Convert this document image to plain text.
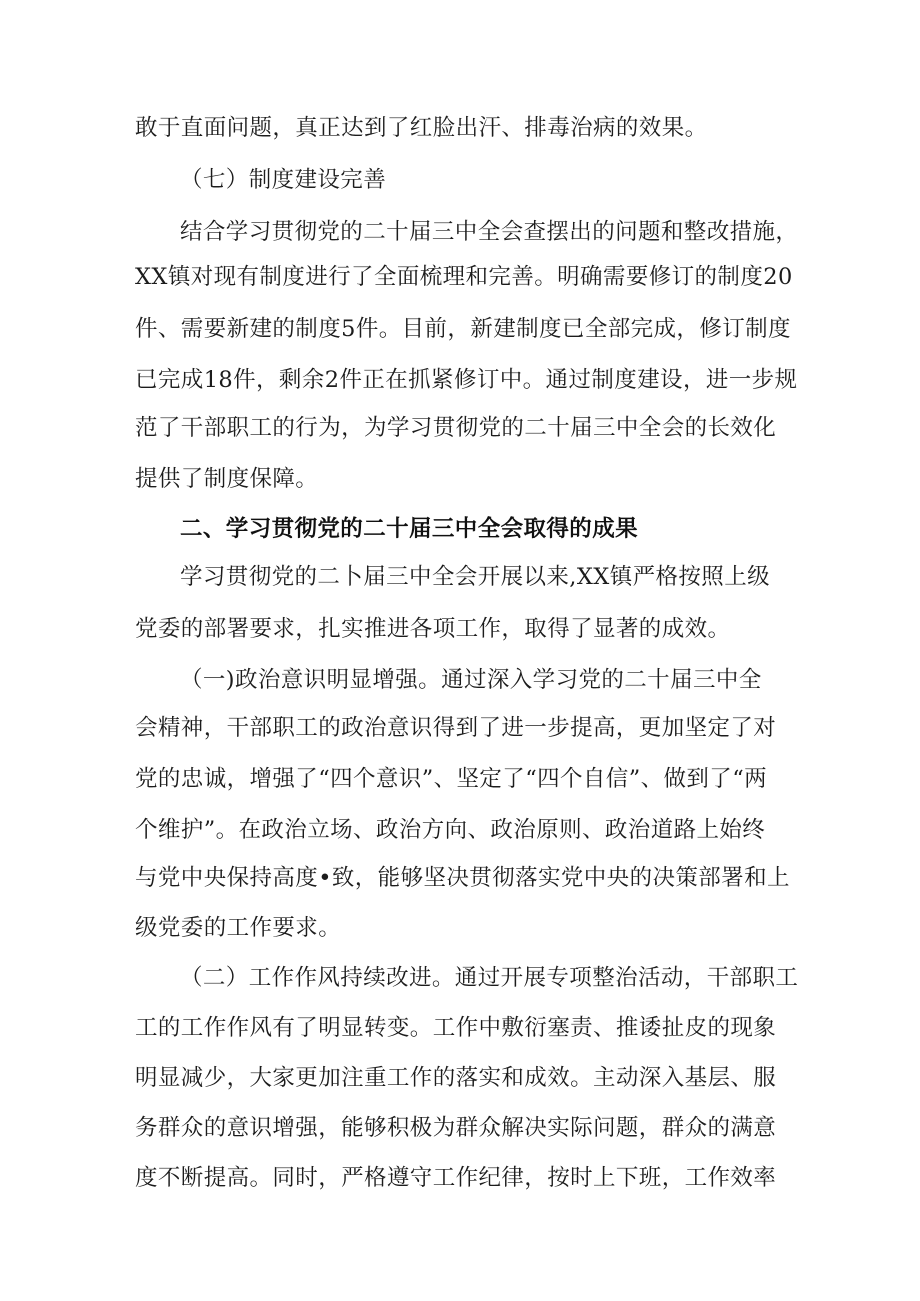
敢于直面问题，真正达到了红脸出汗、排毒治病的效果。
（七）制度建设完善
结合学习贯彻党的二十届三中全会查摆出的问题和整改措施，
XX镇对现有制度进行了全面梳理和完善。明确需要修订的制度20
件、需要新建的制度5件。目前，新建制度已全部完成，修订制度
已完成18件，剩余2件正在抓紧修订中。通过制度建设，进一步规
范了干部职工的行为，为学习贯彻党的二十届三中全会的长效化
提供了制度保障。
二、学习贯彻党的二十届三中全会取得的成果
学习贯彻党的二卜届三中全会开展以来,XX镇严格按照上级
党委的部署要求，扎实推进各项工作，取得了显著的成效。
（一)政治意识明显增强。通过深入学习党的二十届三中全
会精神，干部职工的政治意识得到了进一步提高，更加坚定了对
党的忠诚，增强了“四个意识”、坚定了“四个自信”、做到了“两
个维护”。在政治立场、政治方向、政治原则、政治道路上始终
与党中央保持高度•致，能够坚决贯彻落实党中央的决策部署和上
级党委的工作要求。
（二）工作作风持续改进。通过开展专项整治活动，干部职工
工的工作作风有了明显转变。工作中敷衍塞责、推诿扯皮的现象
明显减少，大家更加注重工作的落实和成效。主动深入基层、服
务群众的意识增强，能够积极为群众解决实际问题，群众的满意
度不断提高。同时，严格遵守工作纪律，按时上下班，工作效率
